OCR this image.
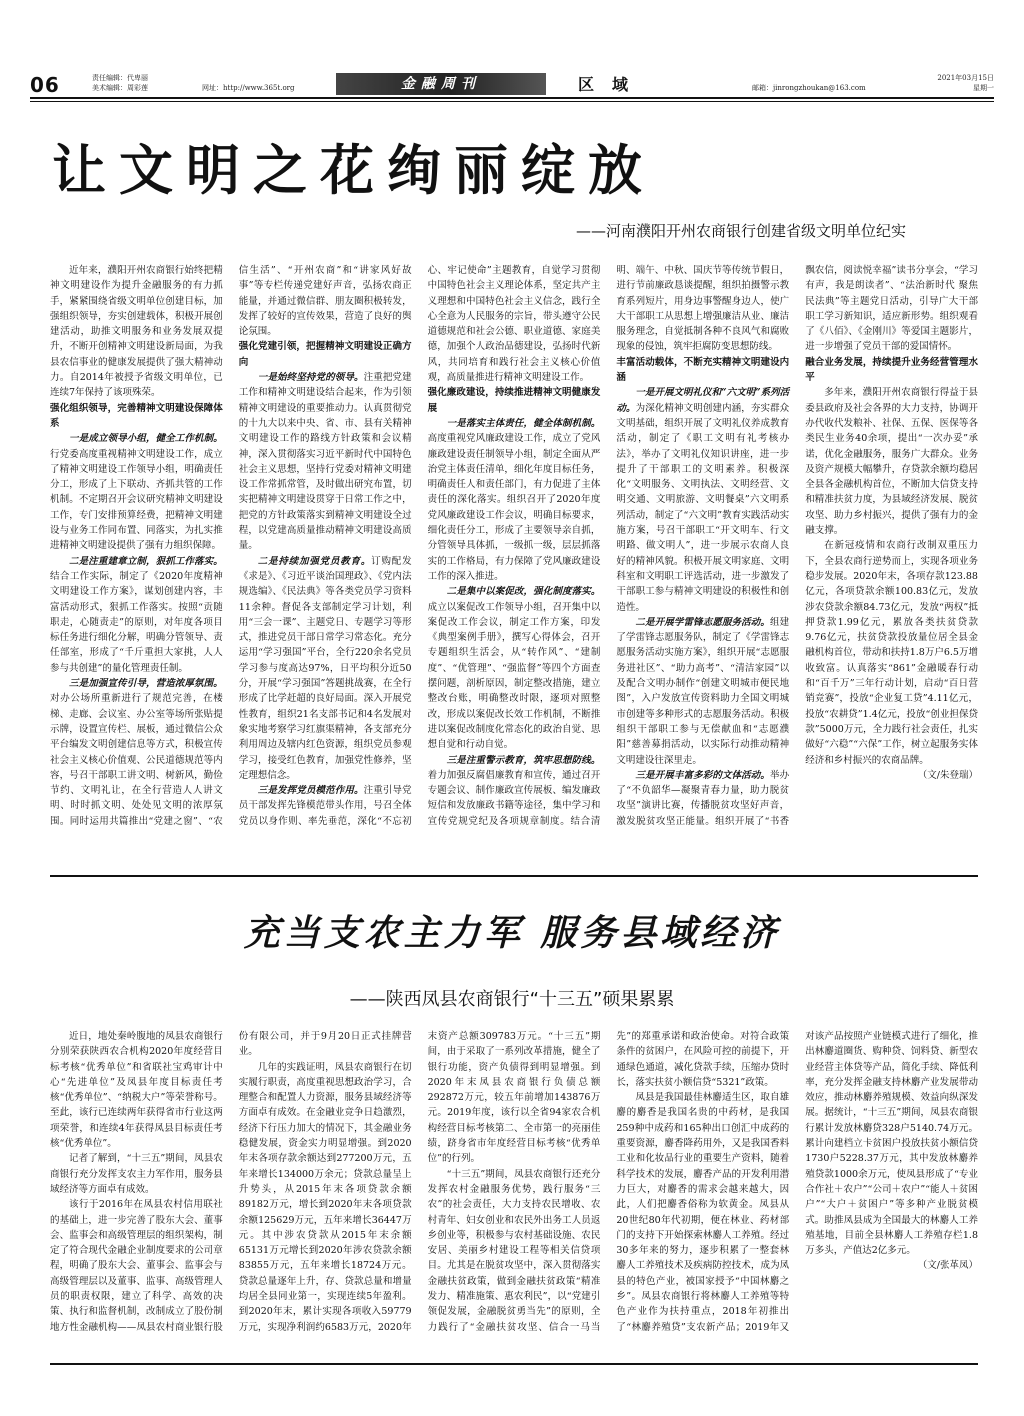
06	责任编辑：代卑丽
美术编辑：周彩莲	网址：http://www.365t.org	金融周刊	区域	邮箱：jinrongzhoukan@163.com
2021年03月15日
星期一
让文明之花绚丽绽放
——河南濮阳开州农商银行创建省级文明单位纪实

近年来，濮阳开州农商银行始终把精神文明建设作为提升金融服务的有力抓手，紧紧围绕省级文明单位创建目标，加强组织领导，夯实创建载体，积极开展创建活动，助推文明服务和业务发展双提升，不断开创精神文明建设新局面，为我县农信事业的健康发展提供了强大精神动力。自2014年被授予省级文明单位，已连续7年保持了该项殊荣。

强化组织领导，完善精神文明建设保障体系

一是成立领导小组，健全工作机制。行党委高度重视精神文明建设工作，成立了精神文明建设工作领导小组，明确责任分工，形成了上下联动、齐抓共管的工作机制。不定期召开会议研究精神文明建设工作，专门安排预算经费，把精神文明建设与业务工作同布置、同落实，为扎实推进精神文明建设提供了强有力组织保障。

二是注重建章立制，狠抓工作落实。结合工作实际，制定了《2020年度精神文明建设工作方案》，谋划创建内容，丰富活动形式，狠抓工作落实。按照“贡随职走，心随责走”的原则，对年度各项目标任务进行细化分解，明确分管领导、责任部室，形成了“千斤重担大家挑，人人参与共创建”的量化管理责任制。

三是加强宣传引导，营造浓厚氛围。对办公场所重新进行了规范完善，在楼梯、走廊、会议室、办公室等场所张贴提示牌，设置宣传栏、展板，通过微信公众平台编发文明创建信息等方式，积极宣传社会主义核心价值观、公民道德规范等内容，号召干部职工讲文明、树新风，勤俭节约、文明礼让，在全行营造人人讲文明、时时抓文明、处处见文明的浓厚氛围。同时运用共篇推出“党建之窗”、“农信生活”、“开州农商”和“讲家风好故事”等专栏传递党建好声音，弘扬农商正能量，并通过微信群、朋友圈积极转发，发挥了较好的宣传效果，营造了良好的舆论氛围。

强化党建引领，把握精神文明建设正确方向

一是始终坚持党的领导。注重把党建工作和精神文明建设结合起来，作为引领精神文明建设的重要推动力。认真贯彻党的十九大以来中央、省、市、县有关精神文明建设工作的路线方针政策和会议精神，深入贯彻落实习近平新时代中国特色社会主义思想，坚持行党委对精神文明建设工作常抓常管，及时做出研究布置，切实把精神文明建设贯穿于日常工作之中，把党的方针政策落实到精神文明建设全过程，以党建高质量推动精神文明建设高质量。

二是持续加强党员教育。订购配发《求是》、《习近平谈治国理政》、《党内法规选编》、《民法典》等各类党员学习资料11余种。督促各支部制定学习计划，利用“三会一课”、主题党日、专题学习等形式，推进党员干部日常学习常态化。充分运用“学习强国”平台，全行220余名党员学习参与度高达97%，日平均积分近50分，开展“学习强国”答题挑战赛，在全行形成了比学赶超的良好局面。深入开展党性教育，组织21名支部书记和4名发展对象实地考察学习红旗渠精神，各支部充分利用周边及辖内红色资源，组织党员参观学习，接受红色教育，加强党性修养，坚定理想信念。

三是发挥党员模范作用。注重引导党员干部发挥先锋模范带头作用，号召全体党员以身作则、率先垂范，深化“不忘初心、牢记使命”主题教育，自觉学习贯彻中国特色社会主义理论体系，坚定共产主义理想和中国特色社会主义信念，践行全心全意为人民服务的宗旨，带头遵守公民道德规范和社会公德、职业道德、家庭美德，加强个人政治品德建设，弘扬时代新风，共同培育和践行社会主义核心价值观，高质量推进行精神文明建设工作。

强化廉政建设，持续推进精神文明健康发展

一是落实主体责任，健全体制机制。高度重视党风廉政建设工作，成立了党风廉政建设责任制领导小组，制定全面从严治党主体责任清单，细化年度目标任务，明确责任人和责任部门，有力促进了主体责任的深化落实。组织召开了2020年度党风廉政建设工作会议，明确目标要求，细化责任分工，形成了主要领导亲自抓，分管领导具体抓，一级抓一级，层层抓落实的工作格局，有力保障了党风廉政建设工作的深入推进。

二是集中以案促改，强化制度落实。成立以案促改工作领导小组，召开集中以案促改工作会议，制定工作方案，印发《典型案例手册》，撰写心得体会，召开专题组织生活会，从“转作风”、“建制度”、“优管理”、“强监督”等四个方面查摆问题，剖析原因，制定整改措施，建立整改台账，明确整改时限，逐项对照整改，形成以案促改长效工作机制，不断推进以案促改制度化常态化的政治自觉、思想自觉和行动自觉。

三是注重警示教育，筑牢思想防线。着力加强反腐倡廉教育和宣传，通过召开专题会议、制作廉政宣传展板、编发廉政短信和发放廉政书籍等途径，集中学习和宣传党规党纪及各项规章制度。结合清明、端午、中秋、国庆节等传统节假日，进行节前廉政恳谈提醒，组织拍摄警示教育系列短片，用身边事警醒身边人，使广大干部职工从思想上增强廉洁从业、廉洁服务理念，自觉抵制各种不良风气和腐败现象的侵蚀，筑牢拒腐防变思想防线。

丰富活动载体，不断充实精神文明建设内涵

一是开展文明礼仪和“六文明”系列活动。为深化精神文明创建内涵，夯实群众文明基础，组织开展了文明礼仪养成教育活动，制定了《职工文明有礼考核办法》，举办了文明礼仪知识讲座，进一步提升了干部职工的文明素养。积极深化“文明服务、文明执法、文明经营、文明交通、文明旅游、文明餐桌”六文明系列活动，制定了“六文明”教育实践活动实施方案，号召干部职工“开文明车、行文明路、做文明人”，进一步展示农商人良好的精神风貌。积极开展文明家庭、文明科室和文明职工评选活动，进一步激发了干部职工参与精神文明建设的积极性和创造性。

二是开展学雷锋志愿服务活动。组建了学雷锋志愿服务队，制定了《学雷锋志愿服务活动实施方案》，组织开展“志愿服务进社区”、“助力高考”、“清洁家园”以及配合文明办制作“创建文明城市便民地图”，入户发放宣传资料助力全国文明城市创建等多种形式的志愿服务活动。积极组织干部职工参与无偿献血和“志愿濮阳”慈善募捐活动，以实际行动推动精神文明建设往深里走。

三是开展丰富多彩的文体活动。举办了“不负韶华—凝聚青春力量，助力脱贫攻坚”演讲比赛，传播脱贫攻坚好声音，激发脱贫攻坚正能量。组织开展了“书香飘农信，阅读悦幸福”读书分享会，“学习有声，我是朗读者”、“法治新时代 聚焦民法典”等主题党日活动，引导广大干部职工学习新知识，适应新形势。组织观看了《八佰》、《金刚川》等爱国主题影片，进一步增强了党员干部的爱国情怀。

融合业务发展，持续提升业务经营管理水平

多年来，濮阳开州农商银行得益于县委县政府及社会各界的大力支持，协调开办代收代发粮补、社保、五保、医保等各类民生业务40余项，提出“一次办妥”承诺，优化金融服务，服务广大群众。业务及资产规模大幅攀升，存贷款余额均稳居全县各金融机构首位，不断加大信贷支持和精准扶贫力度，为县域经济发展、脱贫攻坚、助力乡村振兴，提供了强有力的金融支撑。

在新冠疫情和农商行改制双重压力下，全县农商行逆势而上，实现各项业务稳步发展。2020年末，各项存款123.88亿元，各项贷款余额100.83亿元，发放涉农贷款余额84.73亿元，发放“两权”抵押贷款1.99亿元，累放各类扶贫贷款9.76亿元，扶贫贷款投放量位居全县金融机构首位，带动和扶持1.8万户6.5万增收致富。认真落实“861”金融暖春行动和“百千万”三年行动计划，启动“百日营销竞赛”，投放“企业复工贷”4.11亿元，投放“农耕贷”1.4亿元，投放“创业担保贷款”5000万元，全力践行社会责任，扎实做好“六稳”“六保”工作，树立起服务实体经济和乡村振兴的农商品牌。

（文/朱登瑞）

充当支农主力军 服务县域经济
——陕西凤县农商银行“十三五”硕果累累

近日，地处秦岭腹地的凤县农商银行分别荣获陕西农合机构2020年度经营目标考核“优秀单位”和省联社宝鸡审计中心“先进单位”及凤县年度目标责任考核“优秀单位”、“纳税大户”等荣誉称号。至此，该行已连续两年获得省市行业这两项荣誉，和连续4年获得凤县目标责任考核“优秀单位”。

记者了解到，“十三五”期间，凤县农商银行充分发挥支农主力军作用，服务县域经济等方面卓有成效。

该行于2016年在凤县农村信用联社的基础上，进一步完善了股东大会、董事会、监事会和高级管理层的组织架构，制定了符合现代金融企业制度要求的公司章程，明确了股东大会、董事会、监事会与高级管理层以及董事、监事、高级管理人员的职责权限，建立了科学、高效的决策、执行和监督机制，改制成立了股份制地方性金融机构——凤县农村商业银行股份有限公司，并于9月20日正式挂牌营业。

几年的实践证明，凤县农商银行在切实履行职责，高度重视思想政治学习，合理整合和配置人力资源，服务县域经济等方面卓有成效。在金融业竞争日趋激烈，经济下行压力加大的情况下，其金融业务稳健发展，资金实力明显增强。到2020年末各项存款余额达到277200万元，五年来增长134000万余元；贷款总量呈上升势头，从2015年末各项贷款余额89182万元，增长到2020年末各项贷款余额125629万元，五年来增长36447万元。其中涉农贷款从2015年末余额65131万元增长到2020年涉农贷款余额83855万元，五年来增长18724万元。贷款总量逐年上升，存、贷款总量和增量均居全县同业第一，实现连续5年盈利。到2020年末，累计实现各项收入59779万元，实现净利润约6583万元，2020年末资产总额309783万元。“十三五”期间，由于采取了一系列改革措施，健全了银行功能，资产负债得到明显增强。到2020年末凤县农商银行负债总额292872万元，较五年前增加143876万元。2019年度，该行以全省94家农合机构经营目标考核第二、全市第一的亮丽佳绩，跻身省市年度经营目标考核“优秀单位”的行列。

“十三五”期间，凤县农商银行还充分发挥农村金融服务优势，践行服务“三农”的社会责任，大力支持农民增收、农村青年、妇女创业和农民外出务工人员返乡创业等，积极参与农村基础设施、农民安居、美丽乡村建设工程等相关信贷项目。尤其是在脱贫攻坚中，深入贯彻落实金融扶贫政策，做到金融扶贫政策“精准发力、精准施策、惠农利民”，以“党建引领促发展，金融脱贫勇当先”的原则，全力践行了“金融扶贫攻坚、信合一马当先”的郑重承诺和政治使命。对符合政策条件的贫困户，在风险可控的前提下，开通绿色通道，减化贷款手续，压缩办贷时长，落实扶贫小额信贷“5321”政策。

凤县是我国最佳林麝适生区，取自雄麝的麝香是我国名贵的中药材，是我国259种中成药和165种出口创汇中成药的重要资源，麝香降药用外，又是我国香料工业和化妆品行业的重要生产资料，随着科学技术的发展，麝香产品的开发利用潜力巨大，对麝香的需求会越来越大，因此，人们把麝香俗称为软黄金。凤县从20世纪80年代初期，便在林业、药材部门的支持下开始探索林麝人工养殖。经过30多年来的努力，逐步积累了一整套林麝人工养殖技术及疾病防控技术，成为凤县的特色产业，被国家授予“中国林麝之乡”。凤县农商银行将林麝人工养殖等特色产业作为扶持重点，2018年初推出了“林麝养殖贷”支农新产品；2019年又对该产品按照产业链模式进行了细化，推出林麝道圈货、购种贷、饲料贷、新型农业经营主体贷等产品，简化手续、降低利率，充分发挥金融支持林麝产业发展带动效应，推动林麝养殖规模、效益向纵深发展。据统计，“十三五”期间，凤县农商银行累计发放林麝贷328户5140.74万元。累计向建档立卡贫困户投放扶贫小额信贷1730户5228.37万元，其中发放林麝养殖贷款1000余万元，使凤县形成了“专业合作社＋农户”“公司＋农户”“能人＋贫困户”“大户＋贫困户”等多种产业脱贫模式。助推凤县成为全国最大的林麝人工养殖基地，目前全县林麝人工养殖存栏1.8万多头，产值达2亿多元。

（文/张革凤）
